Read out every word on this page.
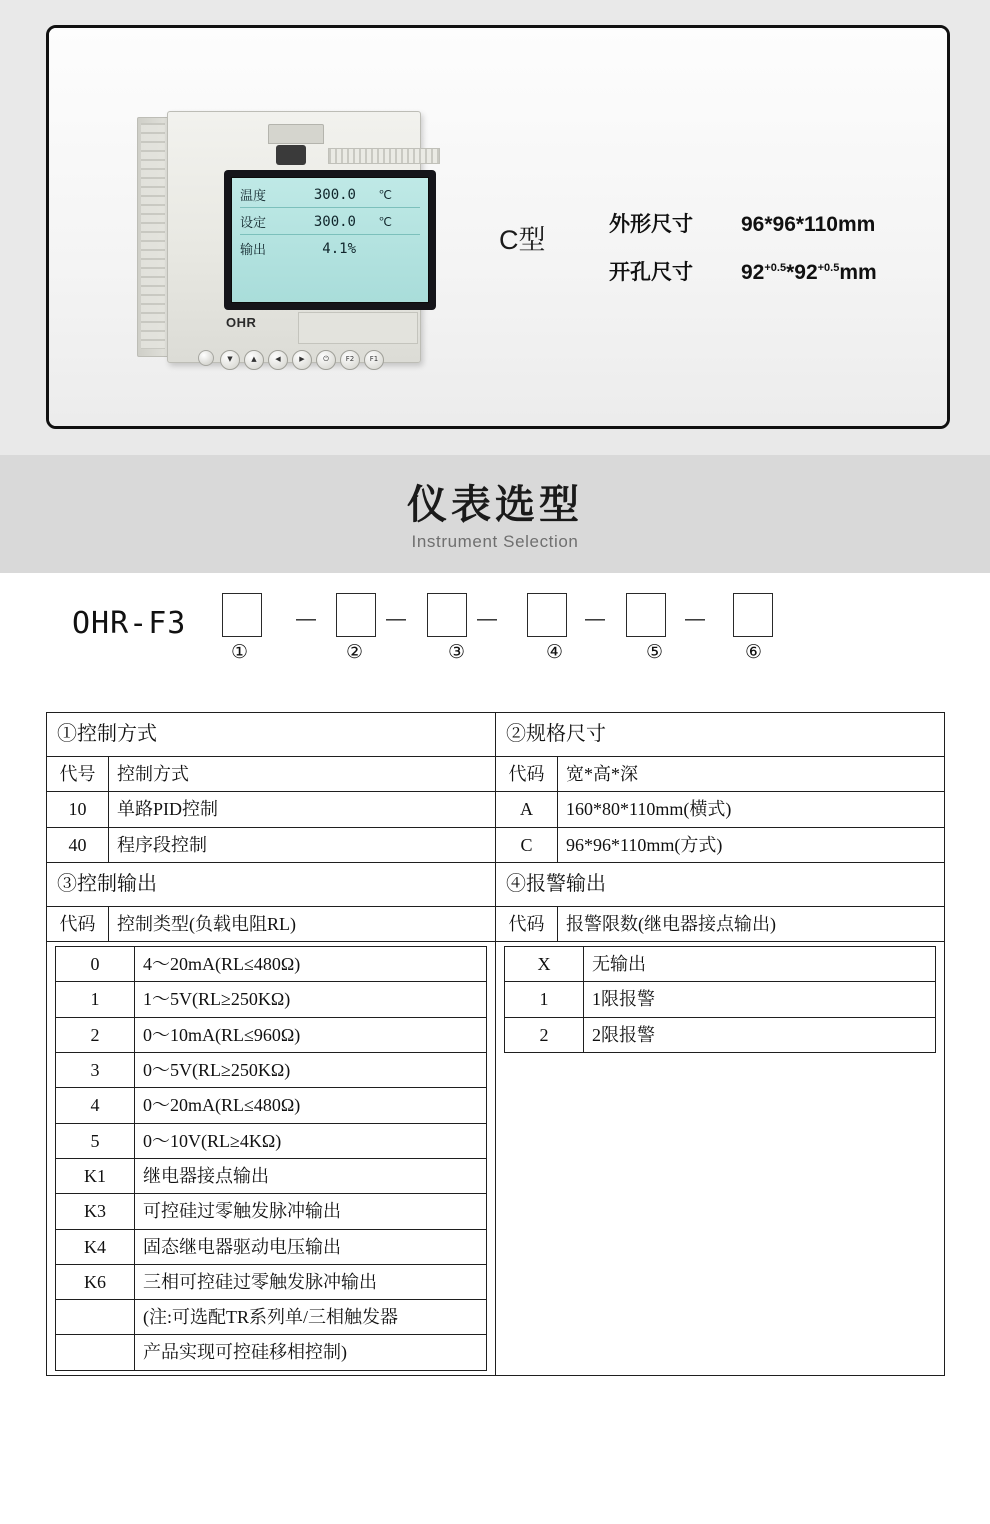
温度	300.0	℃
设定	300.0	℃
输出	4.1%
OHR
▼	▲	◀	▶	⏻	F2	F1
C型
外形尺寸	96*96*110mm
开孔尺寸	$92^{+0.5}*92^{+0.5}mm$
仪表选型
Instrument Selection
OHR-F3	—	—	—	—	—
①	②	③	④	⑤	⑥
①控制方式	②规格尺寸
代号	控制方式	代码	宽*高*深
10	单路PID控制	A	160*80*110mm(横式)
40	程序段控制	C	96*96*110mm(方式)
③控制输出	④报警输出
代码	控制类型(负载电阻RL)	代码	报警限数(继电器接点输出)

0	4～20mA(RL≤480Ω)
1	1～5V(RL≥250KΩ)
2	0～10mA(RL≤960Ω)
3	0～5V(RL≥250KΩ)
4	0～20mA(RL≤480Ω)
5	0～10V(RL≥4KΩ)
K1	继电器接点输出
K3	可控硅过零触发脉冲输出
K4	固态继电器驱动电压输出
K6	三相可控硅过零触发脉冲输出
	(注:可选配TR系列单/三相触发器
	产品实现可控硅移相控制)

X	无输出
1	1限报警
2	2限报警
